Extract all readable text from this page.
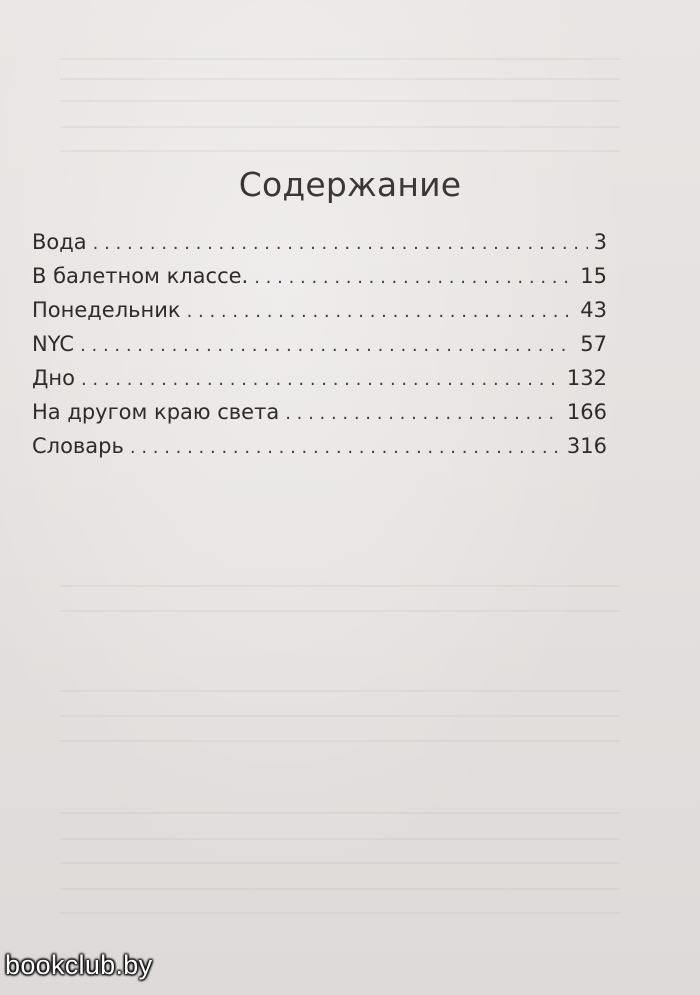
Содержание
Вода . . .	3
В балетном классе. . . .	15
Понедельник . . .	43
NYC . . .	57
Дно . . .	132
На другом краю света . . .	166
Словарь . . .	316
bookclub.by
